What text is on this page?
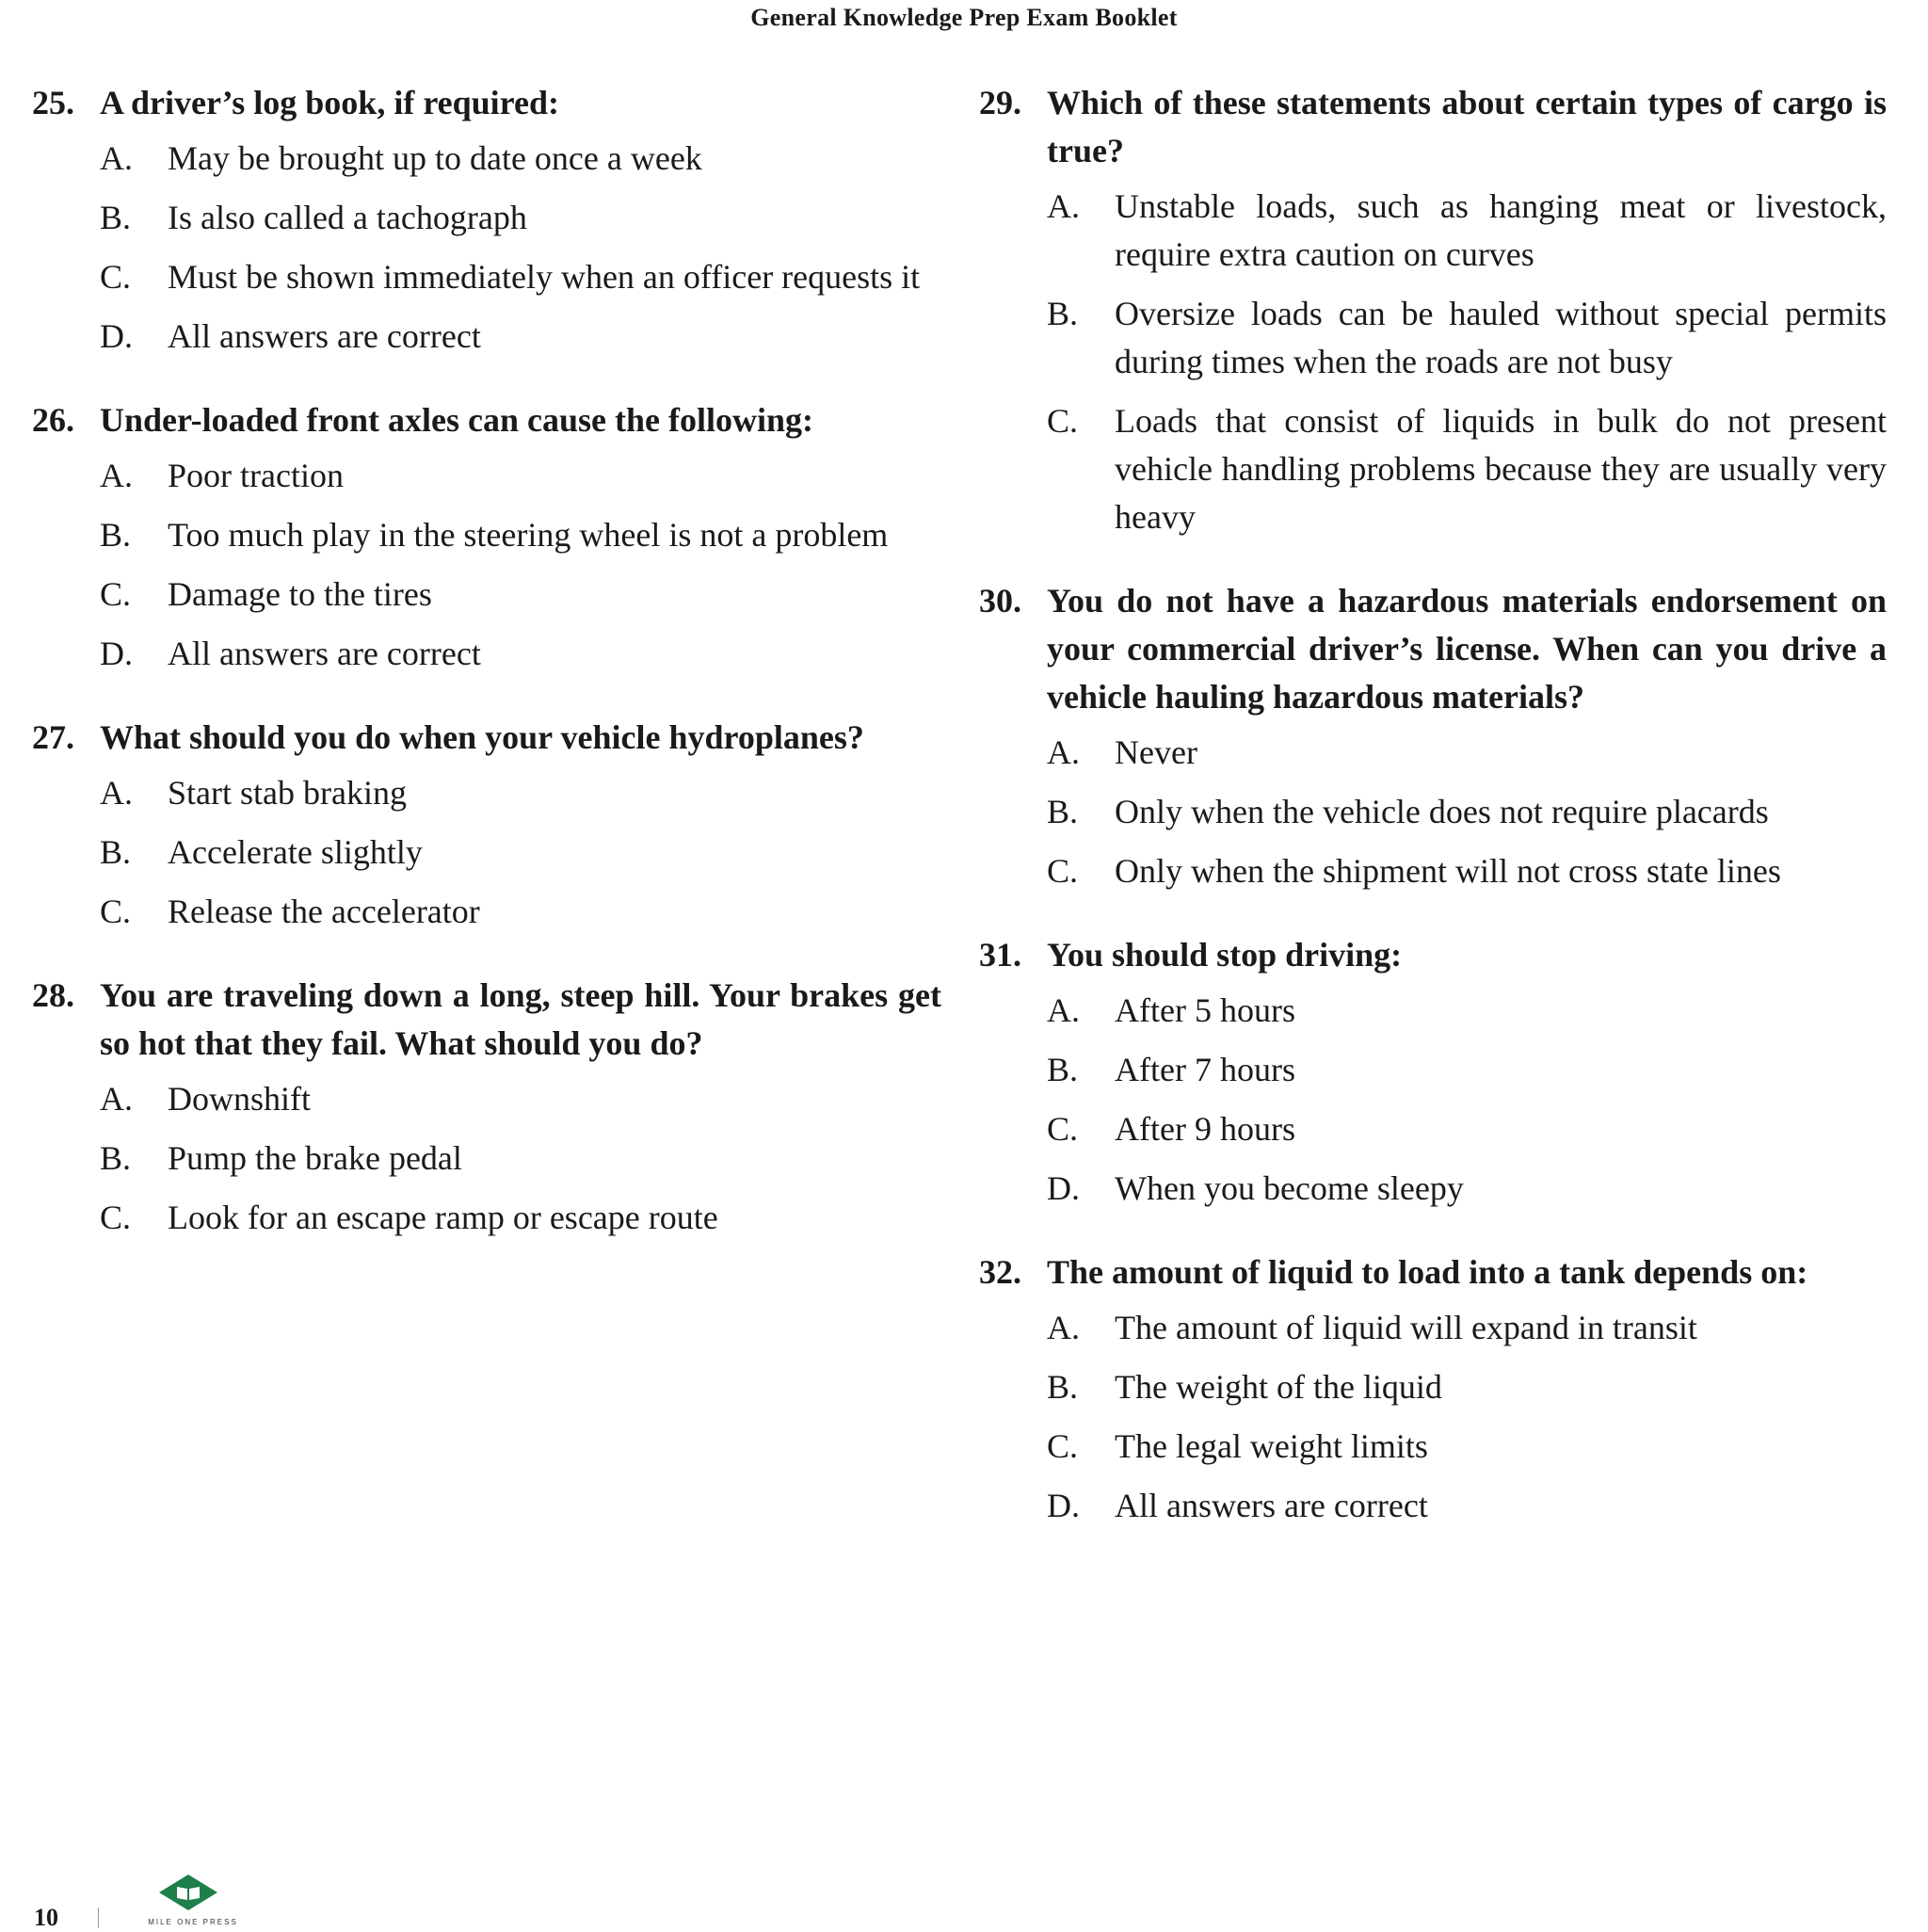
General Knowledge Prep Exam Booklet
25. A driver’s log book, if required:
A.	May be brought up to date once a week
B.	Is also called a tachograph
C.	Must be shown immediately when an officer requests it
D.	All answers are correct
26. Under-loaded front axles can cause the following:
A.	Poor traction
B.	Too much play in the steering wheel is not a problem
C.	Damage to the tires
D.	All answers are correct
27. What should you do when your vehicle hydroplanes?
A.	Start stab braking
B.	Accelerate slightly
C.	Release the accelerator
28. You are traveling down a long, steep hill. Your brakes get so hot that they fail. What should you do?
A.	Downshift
B.	Pump the brake pedal
C.	Look for an escape ramp or escape route
29. Which of these statements about certain types of cargo is true?
A.	Unstable loads, such as hanging meat or livestock, require extra caution on curves
B.	Oversize loads can be hauled without special permits during times when the roads are not busy
C.	Loads that consist of liquids in bulk do not present vehicle handling problems because they are usually very heavy
30. You do not have a hazardous materials endorsement on your commercial driver’s license. When can you drive a vehicle hauling hazardous materials?
A.	Never
B.	Only when the vehicle does not require placards
C.	Only when the shipment will not cross state lines
31. You should stop driving:
A.	After 5 hours
B.	After 7 hours
C.	After 9 hours
D.	When you become sleepy
32. The amount of liquid to load into a tank depends on:
A.	The amount of liquid will expand in transit
B.	The weight of the liquid
C.	The legal weight limits
D.	All answers are correct
10	MILE ONE PRESS
